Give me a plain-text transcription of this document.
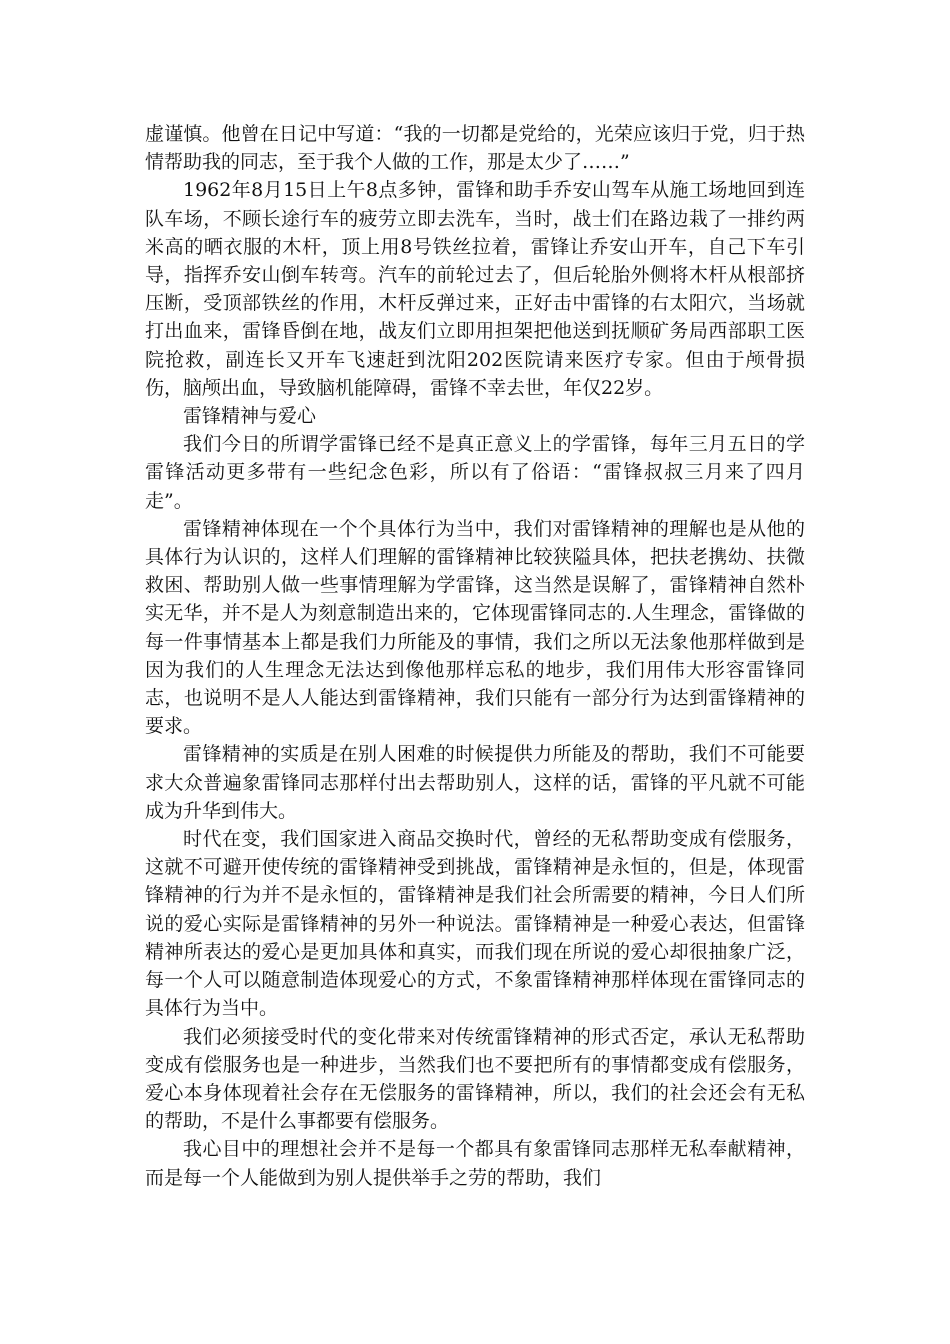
虚谨慎。他曾在日记中写道：“我的一切都是党给的，光荣应该归于党，归于热情帮助我的同志，至于我个人做的工作，那是太少了……”

1962年8月15日上午8点多钟，雷锋和助手乔安山驾车从施工场地回到连队车场，不顾长途行车的疲劳立即去洗车，当时，战士们在路边栽了一排约两米高的晒衣服的木杆，顶上用8号铁丝拉着，雷锋让乔安山开车，自己下车引导，指挥乔安山倒车转弯。汽车的前轮过去了，但后轮胎外侧将木杆从根部挤压断，受顶部铁丝的作用，木杆反弹过来，正好击中雷锋的右太阳穴，当场就打出血来，雷锋昏倒在地，战友们立即用担架把他送到抚顺矿务局西部职工医院抢救，副连长又开车飞速赶到沈阳202医院请来医疗专家。但由于颅骨损伤，脑颅出血，导致脑机能障碍，雷锋不幸去世，年仅22岁。

雷锋精神与爱心

我们今日的所谓学雷锋已经不是真正意义上的学雷锋，每年三月五日的学雷锋活动更多带有一些纪念色彩，所以有了俗语：“雷锋叔叔三月来了四月走”。

雷锋精神体现在一个个具体行为当中，我们对雷锋精神的理解也是从他的具体行为认识的，这样人们理解的雷锋精神比较狭隘具体，把扶老携幼、扶微救困、帮助别人做一些事情理解为学雷锋，这当然是误解了，雷锋精神自然朴实无华，并不是人为刻意制造出来的，它体现雷锋同志的.人生理念，雷锋做的每一件事情基本上都是我们力所能及的事情，我们之所以无法象他那样做到是因为我们的人生理念无法达到像他那样忘私的地步，我们用伟大形容雷锋同志，也说明不是人人能达到雷锋精神，我们只能有一部分行为达到雷锋精神的要求。

雷锋精神的实质是在别人困难的时候提供力所能及的帮助，我们不可能要求大众普遍象雷锋同志那样付出去帮助别人，这样的话，雷锋的平凡就不可能成为升华到伟大。

时代在变，我们国家进入商品交换时代，曾经的无私帮助变成有偿服务，这就不可避开使传统的雷锋精神受到挑战，雷锋精神是永恒的，但是，体现雷锋精神的行为并不是永恒的，雷锋精神是我们社会所需要的精神，今日人们所说的爱心实际是雷锋精神的另外一种说法。雷锋精神是一种爱心表达，但雷锋精神所表达的爱心是更加具体和真实，而我们现在所说的爱心却很抽象广泛，每一个人可以随意制造体现爱心的方式，不象雷锋精神那样体现在雷锋同志的具体行为当中。

我们必须接受时代的变化带来对传统雷锋精神的形式否定，承认无私帮助变成有偿服务也是一种进步，当然我们也不要把所有的事情都变成有偿服务，爱心本身体现着社会存在无偿服务的雷锋精神，所以，我们的社会还会有无私的帮助，不是什么事都要有偿服务。

我心目中的理想社会并不是每一个都具有象雷锋同志那样无私奉献精神，而是每一个人能做到为别人提供举手之劳的帮助，我们
